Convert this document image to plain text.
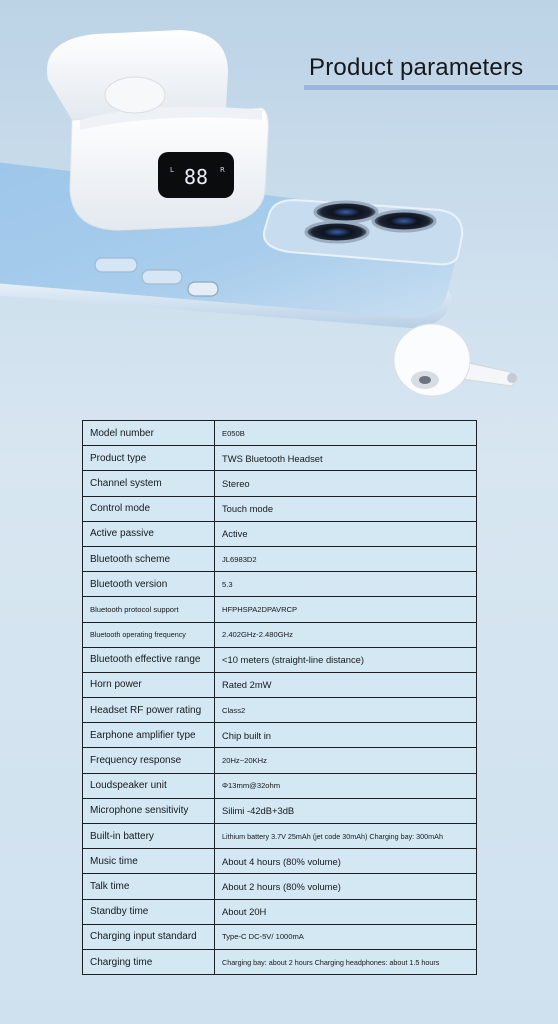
88
L	R
Product parameters
Model number	E050B
Product type	TWS Bluetooth Headset
Channel system	Stereo
Control mode	Touch mode
Active passive	Active
Bluetooth scheme	JL6983D2
Bluetooth version	5.3
Bluetooth protocol support	HFPHSPA2DPAVRCP
Bluetooth operating frequency	2.402GHz-2.480GHz
Bluetooth effective range	<10 meters (straight-line distance)
Horn power	Rated 2mW
Headset RF power rating	Class2
Earphone amplifier type	Chip built in
Frequency response	20Hz~20KHz
Loudspeaker unit	Φ13mm@32ohm
Microphone sensitivity	Silimi -42dB+3dB
Built-in battery	Lithium battery 3.7V 25mAh (jet code 30mAh) Charging bay: 300mAh
Music time	About 4 hours (80% volume)
Talk time	About 2 hours (80% volume)
Standby time	About 20H
Charging input standard	Type-C DC-5V/ 1000mA
Charging time	Charging bay: about 2 hours Charging headphones: about 1.5 hours
